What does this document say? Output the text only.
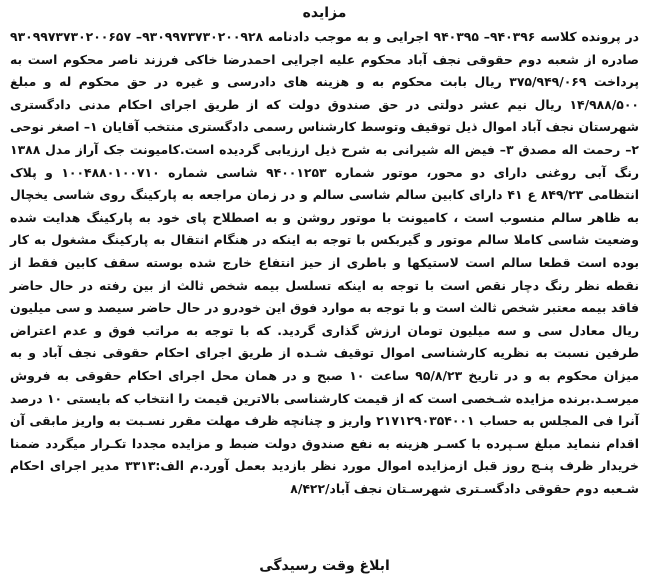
مزایده

در پرونده کلاسه ۹۴۰۳۹۶– ۹۴۰۳۹۵ اجرایی و به موجب دادنامه ۹۳۰۹۹۷۳۷۳۰۲۰۰۹۲۸– ۹۳۰۹۹۷۳۷۳۰۲۰۰۶۵۷ صادره از شعبه دوم حقوقی نجف آباد محکوم علیه اجرایی احمدرضا خاکی فرزند ناصر محکوم است به پرداخت ۳۷۵/۹۴۹/۰۶۹ ریال بابت محکوم به و هزینه های دادرسی و غیره در حق محکوم له و مبلغ ۱۴/۹۸۸/۵۰۰ ریال نیم عشر دولتی در حق صندوق دولت که از طریق اجرای احکام مدنی دادگستری شهرستان نجف آباد اموال ذیل توقیف وتوسط کارشناس رسمی دادگستری منتخب آقایان ۱– اصغر نوحی ۲– رحمت اله مصدق ۳– فیض اله شیرانی به شرح ذیل ارزیابی گردیده است.کامیونت جک آراز مدل ۱۳۸۸ رنگ آبی روغنی دارای دو محور، موتور شماره ۹۴۰۰۱۲۵۳ شاسی شماره ۱۰۰۴۸۸۰۱۰۰۷۱۰ و پلاک انتظامی ۸۴۹/۲۳ ع ۴۱ دارای کابین سالم شاسی سالم و در زمان مراجعه به پارکینگ روی شاسی یخچال به ظاهر سالم منسوب است ، کامیونت با موتور روشن و به اصطلاح پای خود به پارکینگ هدایت شده وضعیت شاسی کاملا سالم موتور و گیربکس با توجه به اینکه در هنگام انتقال به پارکینگ مشغول به کار بوده است قطعا سالم است لاستیکها و باطری از حیز انتفاع خارج شده بوسته سقف کابین فقط از نقطه نظر رنگ دچار نقص است با توجه به اینکه تسلسل بیمه شخص ثالث از بین رفته در حال حاضر فاقد بیمه معتبر شخص ثالث است و با توجه به موارد فوق این خودرو در حال حاضر سیصد و سی میلیون ریال معادل سی و سه میلیون تومان ارزش گذاری گردید. که با توجه به مراتب فوق و عدم اعتراض طرفین نسبت به نظریه کارشناسی اموال توقیف شـده از طریق اجرای احکام حقوقی نجف آباد و به میزان محکوم به و در تاریخ ۹۵/۸/۲۳ ساعت ۱۰ صبح و در همان محل اجرای احکام حقوقی به فروش میرسـد.برنده مزایده شـخصی است که از قیمت کارشناسی بالاترین قیمت را انتخاب که بایستی ۱۰ درصد آنرا فی المجلس به حساب ۲۱۷۱۲۹۰۳۵۴۰۰۱ واریز و چنانچه ظرف مهلت مقرر نسـبت به واریز مابقی آن اقدام ننماید مبلغ سـپرده با کسـر هزینه به نفع صندوق دولت ضبط و مزایده مجددا تکـرار میگردد ضمنا خریدار ظرف پنـج روز قبل ازمزایده اموال مورد نظر بازدید بعمل آورد.م الف:۳۳۱۳ مدیر اجرای احکام شـعبه دوم حقوقی دادگسـتری شهرسـتان نجف آباد/۸/۴۲۲

ابلاغ وقت رسیدگی
